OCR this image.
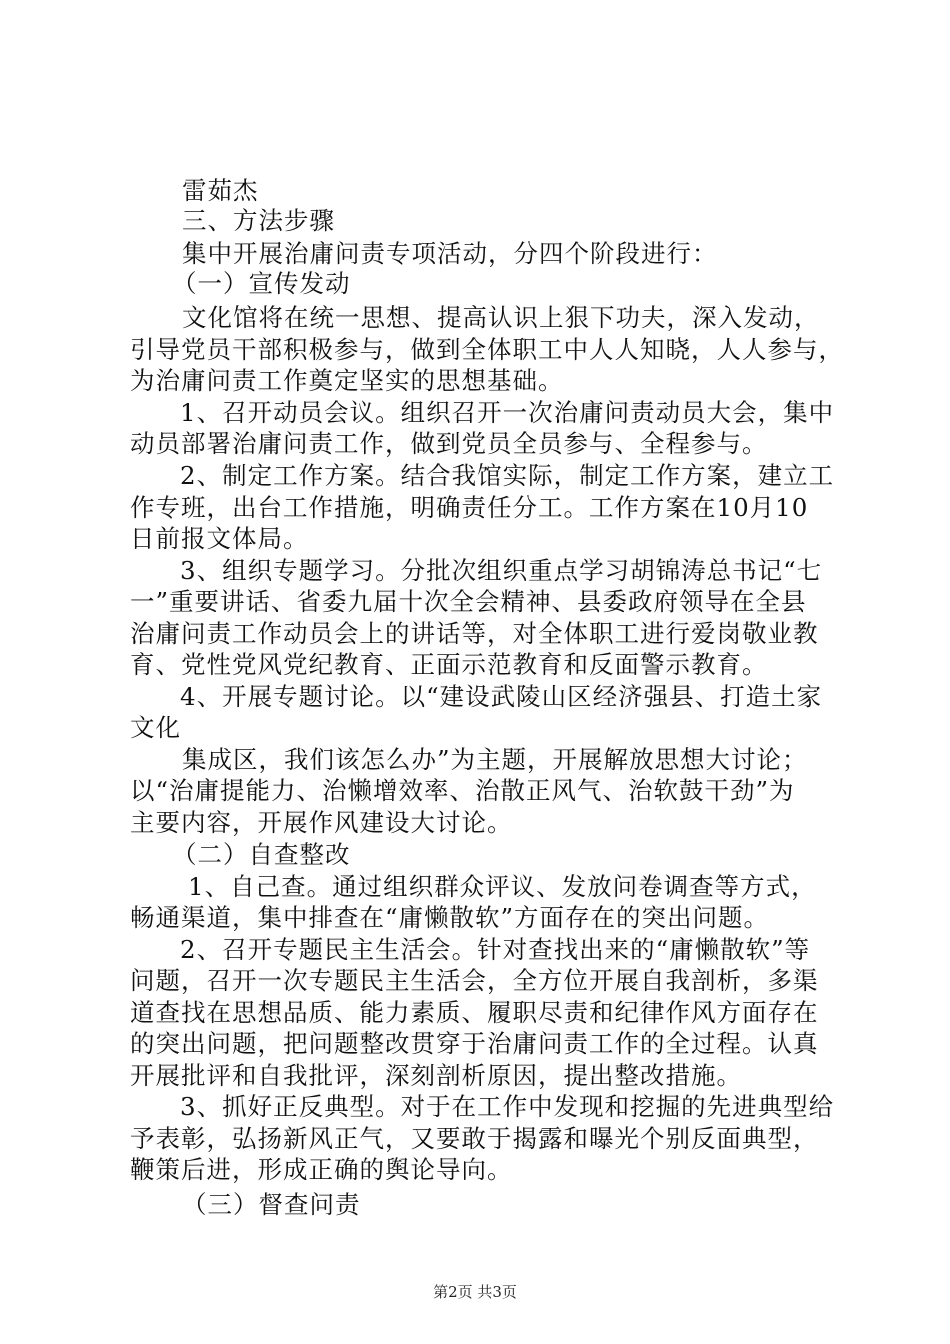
雷茹杰
三、方法步骤
集中开展治庸问责专项活动，分四个阶段进行：
（一）宣传发动
文化馆将在统一思想、提高认识上狠下功夫，深入发动，
引导党员干部积极参与，做到全体职工中人人知晓，人人参与，
为治庸问责工作奠定坚实的思想基础。
1、召开动员会议。组织召开一次治庸问责动员大会，集中
动员部署治庸问责工作，做到党员全员参与、全程参与。
2、制定工作方案。结合我馆实际，制定工作方案，建立工
作专班，出台工作措施，明确责任分工。工作方案在10月10
日前报文体局。
3、组织专题学习。分批次组织重点学习胡锦涛总书记“七
一”重要讲话、省委九届十次全会精神、县委政府领导在全县
治庸问责工作动员会上的讲话等，对全体职工进行爱岗敬业教
育、党性党风党纪教育、正面示范教育和反面警示教育。
4、开展专题讨论。以“建设武陵山区经济强县、打造土家
文化
集成区，我们该怎么办”为主题，开展解放思想大讨论；
以“治庸提能力、治懒增效率、治散正风气、治软鼓干劲”为
主要内容，开展作风建设大讨论。
（二）自查整改
1、自己查。通过组织群众评议、发放问卷调查等方式，
畅通渠道，集中排查在“庸懒散软”方面存在的突出问题。
2、召开专题民主生活会。针对查找出来的“庸懒散软”等
问题，召开一次专题民主生活会，全方位开展自我剖析，多渠
道查找在思想品质、能力素质、履职尽责和纪律作风方面存在
的突出问题，把问题整改贯穿于治庸问责工作的全过程。认真
开展批评和自我批评，深刻剖析原因，提出整改措施。
3、抓好正反典型。对于在工作中发现和挖掘的先进典型给
予表彰，弘扬新风正气，又要敢于揭露和曝光个别反面典型，
鞭策后进，形成正确的舆论导向。
（三）督查问责
第2页 共3页
